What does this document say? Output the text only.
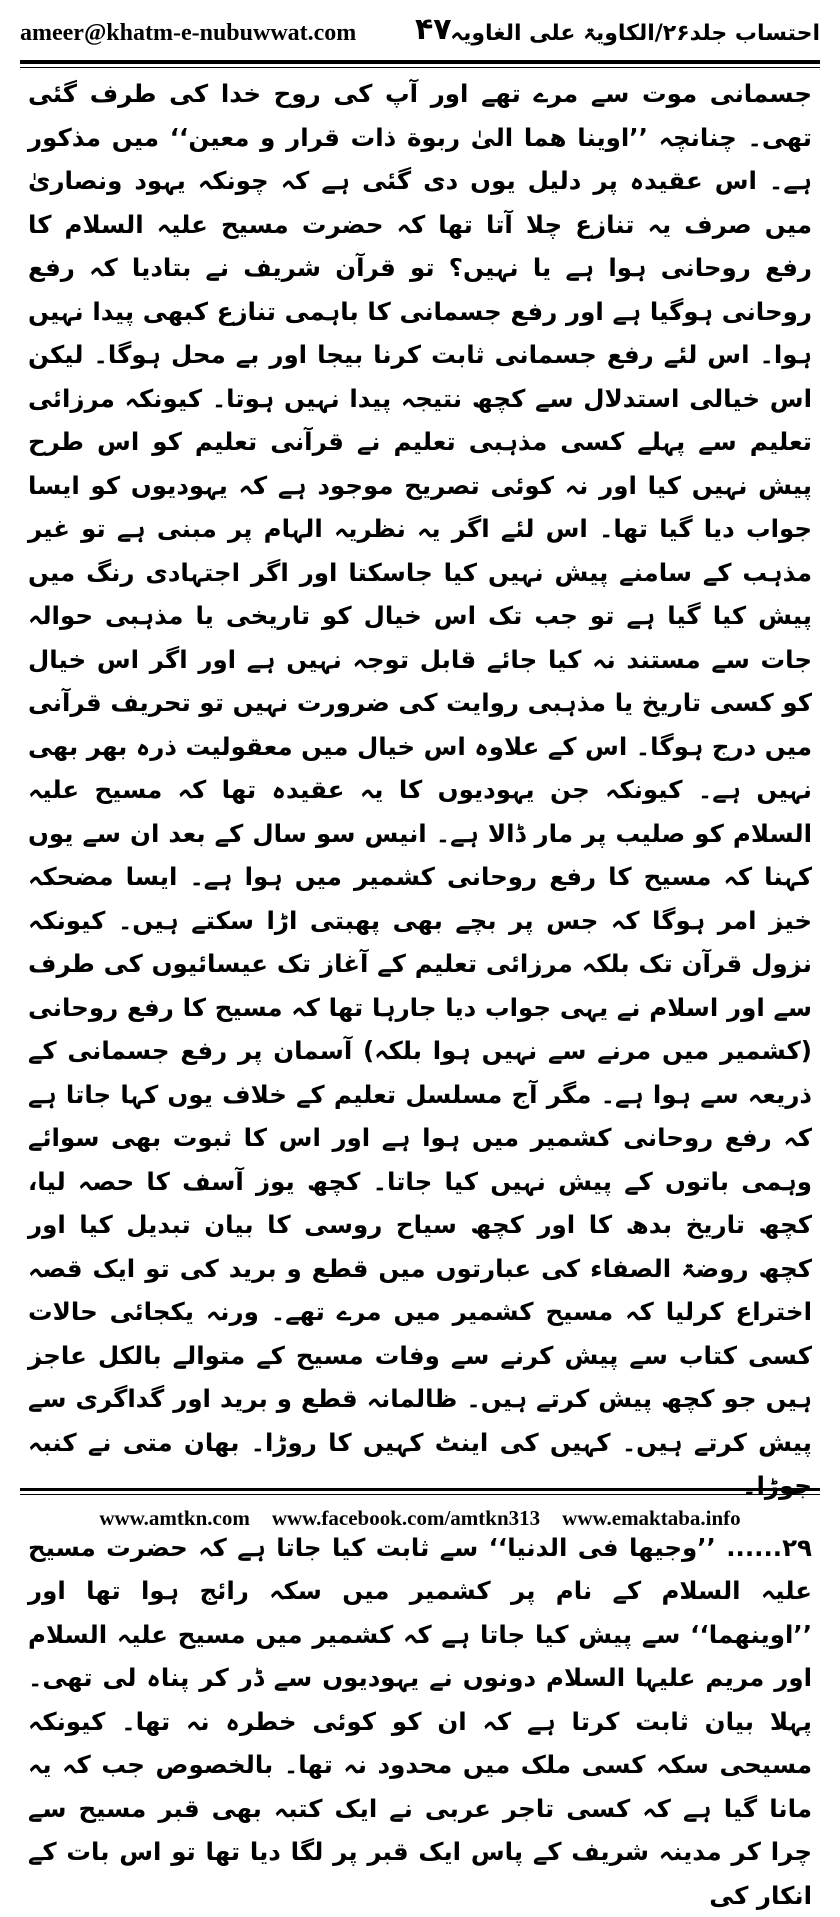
ameer@khatm-e-nubuwwat.com ۴۷
احتساب جلد۲۶/الکاویۃ علی الغاویہ

جسمانی موت سے مرے تھے اور آپ کی روح خدا کی طرف گئی تھی۔ چنانچہ ’’اوینا هما الیٰ ربوة ذات قرار و معین‘‘ میں مذکور ہے۔ اس عقیدہ پر دلیل یوں دی گئی ہے کہ چونکہ یہود ونصاریٰ میں صرف یہ تنازع چلا آتا تھا کہ حضرت مسیح علیہ السلام کا رفع روحانی ہوا ہے یا نہیں؟ تو قرآن شریف نے بتادیا کہ رفع روحانی ہوگیا ہے اور رفع جسمانی کا باہمی تنازع کبھی پیدا نہیں ہوا۔ اس لئے رفع جسمانی ثابت کرنا بیجا اور بے محل ہوگا۔ لیکن اس خیالی استدلال سے کچھ نتیجہ پیدا نہیں ہوتا۔ کیونکہ مرزائی تعلیم سے پہلے کسی مذہبی تعلیم نے قرآنی تعلیم کو اس طرح پیش نہیں کیا اور نہ کوئی تصریح موجود ہے کہ یہودیوں کو ایسا جواب دیا گیا تھا۔ اس لئے اگر یہ نظریہ الہام پر مبنی ہے تو غیر مذہب کے سامنے پیش نہیں کیا جاسکتا اور اگر اجتہادی رنگ میں پیش کیا گیا ہے تو جب تک اس خیال کو تاریخی یا مذہبی حوالہ جات سے مستند نہ کیا جائے قابل توجہ نہیں ہے اور اگر اس خیال کو کسی تاریخ یا مذہبی روایت کی ضرورت نہیں تو تحریف قرآنی میں درج ہوگا۔ اس کے علاوہ اس خیال میں معقولیت ذرہ بھر بھی نہیں ہے۔ کیونکہ جن یہودیوں کا یہ عقیدہ تھا کہ مسیح علیہ السلام کو صلیب پر مار ڈالا ہے۔ انیس سو سال کے بعد ان سے یوں کہنا کہ مسیح کا رفع روحانی کشمیر میں ہوا ہے۔ ایسا مضحکہ خیز امر ہوگا کہ جس پر بچے بھی پھبتی اڑا سکتے ہیں۔ کیونکہ نزول قرآن تک بلکہ مرزائی تعلیم کے آغاز تک عیسائیوں کی طرف سے اور اسلام نے یہی جواب دیا جارہا تھا کہ مسیح کا رفع روحانی (کشمیر میں مرنے سے نہیں ہوا بلکہ) آسمان پر رفع جسمانی کے ذریعہ سے ہوا ہے۔ مگر آج مسلسل تعلیم کے خلاف یوں کہا جاتا ہے کہ رفع روحانی کشمیر میں ہوا ہے اور اس کا ثبوت بھی سوائے وہمی باتوں کے پیش نہیں کیا جاتا۔ کچھ یوز آسف کا حصہ لیا، کچھ تاریخ بدھ کا اور کچھ سیاح روسی کا بیان تبدیل کیا اور کچھ روضۃ الصفاء کی عبارتوں میں قطع و برید کی تو ایک قصہ اختراع کرلیا کہ مسیح کشمیر میں مرے تھے۔ ورنہ یکجائی حالات کسی کتاب سے پیش کرنے سے وفات مسیح کے متوالے بالکل عاجز ہیں جو کچھ پیش کرتے ہیں۔ ظالمانہ قطع و برید اور گداگری سے پیش کرتے ہیں۔ کہیں کی اینٹ کہیں کا روڑا۔ بھان متی نے کنبہ جوڑا۔

۲۹...... ’’وجیها فی الدنیا‘‘ سے ثابت کیا جاتا ہے کہ حضرت مسیح علیہ السلام کے نام پر کشمیر میں سکہ رائج ہوا تھا اور ’’اوینهما‘‘ سے پیش کیا جاتا ہے کہ کشمیر میں مسیح علیہ السلام اور مریم علیہا السلام دونوں نے یہودیوں سے ڈر کر پناہ لی تھی۔ پہلا بیان ثابت کرتا ہے کہ ان کو کوئی خطرہ نہ تھا۔ کیونکہ مسیحی سکہ کسی ملک میں محدود نہ تھا۔ بالخصوص جب کہ یہ مانا گیا ہے کہ کسی تاجر عربی نے ایک کتبہ بھی قبر مسیح سے چرا کر مدینہ شریف کے پاس ایک قبر پر لگا دیا تھا تو اس بات کے انکار کی

www.amtkn.com www.facebook.com/amtkn313 www.emaktaba.info
